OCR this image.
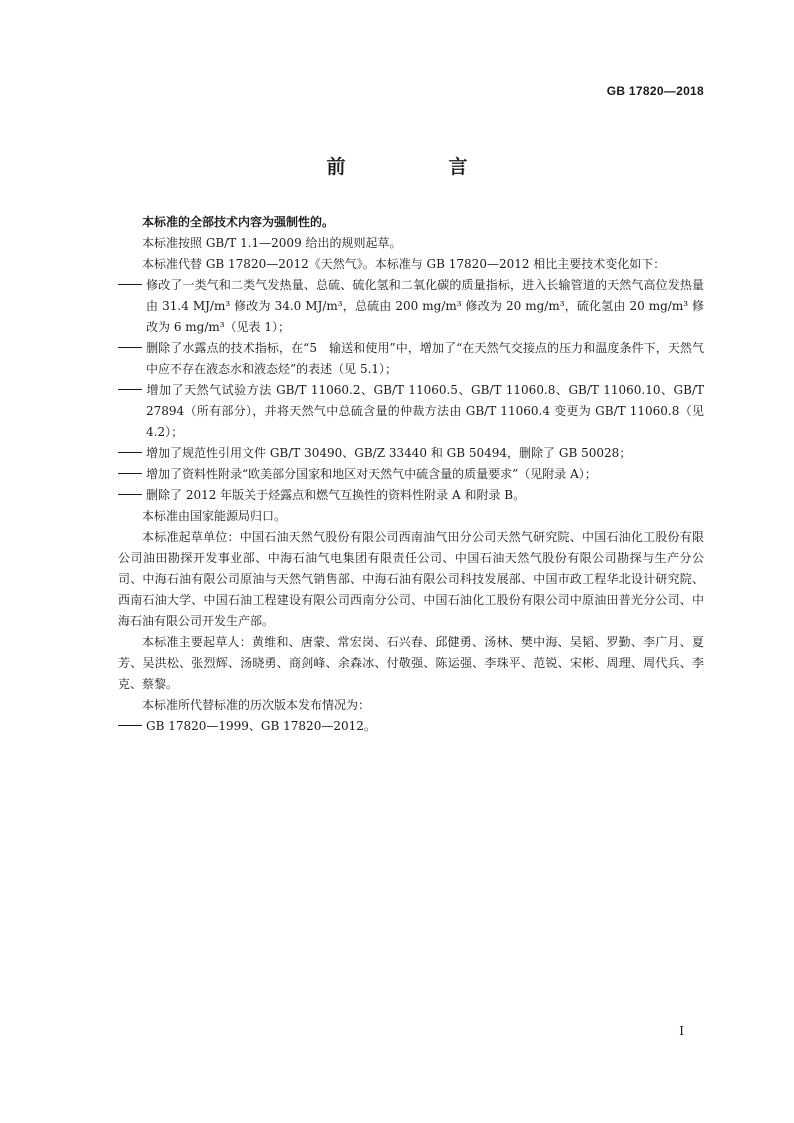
GB 17820—2018
前　言

本标准的全部技术内容为强制性的。

本标准按照 GB/T 1.1—2009 给出的规则起草。

本标准代替 GB 17820—2012《天然气》。本标准与 GB 17820—2012 相比主要技术变化如下：

修改了一类气和二类气发热量、总硫、硫化氢和二氧化碳的质量指标，进入长输管道的天然气高位发热量由 31.4 MJ/m³ 修改为 34.0 MJ/m³，总硫由 200 mg/m³ 修改为 20 mg/m³，硫化氢由 20 mg/m³ 修改为 6 mg/m³（见表 1）；

删除了水露点的技术指标，在“5　输送和使用”中，增加了“在天然气交接点的压力和温度条件下，天然气中应不存在液态水和液态烃”的表述（见 5.1）；

增加了天然气试验方法 GB/T 11060.2、GB/T 11060.5、GB/T 11060.8、GB/T 11060.10、GB/T 27894（所有部分），并将天然气中总硫含量的仲裁方法由 GB/T 11060.4 变更为 GB/T 11060.8（见 4.2）；

增加了规范性引用文件 GB/T 30490、GB/Z 33440 和 GB 50494，删除了 GB 50028；

增加了资料性附录“欧美部分国家和地区对天然气中硫含量的质量要求”（见附录 A）；

删除了 2012 年版关于烃露点和燃气互换性的资料性附录 A 和附录 B。

本标准由国家能源局归口。

本标准起草单位：中国石油天然气股份有限公司西南油气田分公司天然气研究院、中国石油化工股份有限公司油田勘探开发事业部、中海石油气电集团有限责任公司、中国石油天然气股份有限公司勘探与生产分公司、中海石油有限公司原油与天然气销售部、中海石油有限公司科技发展部、中国市政工程华北设计研究院、西南石油大学、中国石油工程建设有限公司西南分公司、中国石油化工股份有限公司中原油田普光分公司、中海石油有限公司开发生产部。

本标准主要起草人：黄维和、唐蒙、常宏岗、石兴春、邱健勇、汤林、樊中海、吴韬、罗勤、李广月、夏芳、吴洪松、张烈辉、汤晓勇、商剑峰、余森冰、付敬强、陈运强、李珠平、范锐、宋彬、周理、周代兵、李克、蔡黎。

本标准所代替标准的历次版本发布情况为：

GB 17820—1999、GB 17820—2012。

I
